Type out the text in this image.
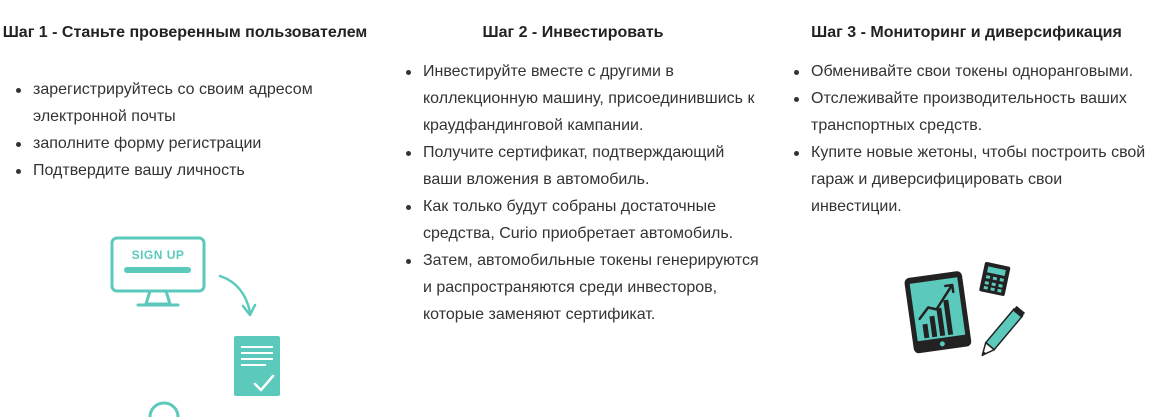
Шаг 1 - Станьте проверенным пользователем
зарегистрируйтесь со своим адресом электронной почты
заполните форму регистрации
Подтвердите вашу личность
Шаг 2 - Инвестировать
Инвестируйте вместе с другими в коллекционную машину, присоединившись к краудфандинговой кампании.
Получите сертификат, подтверждающий ваши вложения в автомобиль.
Как только будут собраны достаточные средства, Curio приобретает автомобиль.
Затем, автомобильные токены генерируются и распространяются среди инвесторов, которые заменяют сертификат.
Шаг 3 - Мониторинг и диверсификация
Обменивайте свои токены одноранговыми.
Отслеживайте производительность ваших транспортных средств.
Купите новые жетоны, чтобы построить свой гараж и диверсифицировать свои инвестиции.
SIGN UP
